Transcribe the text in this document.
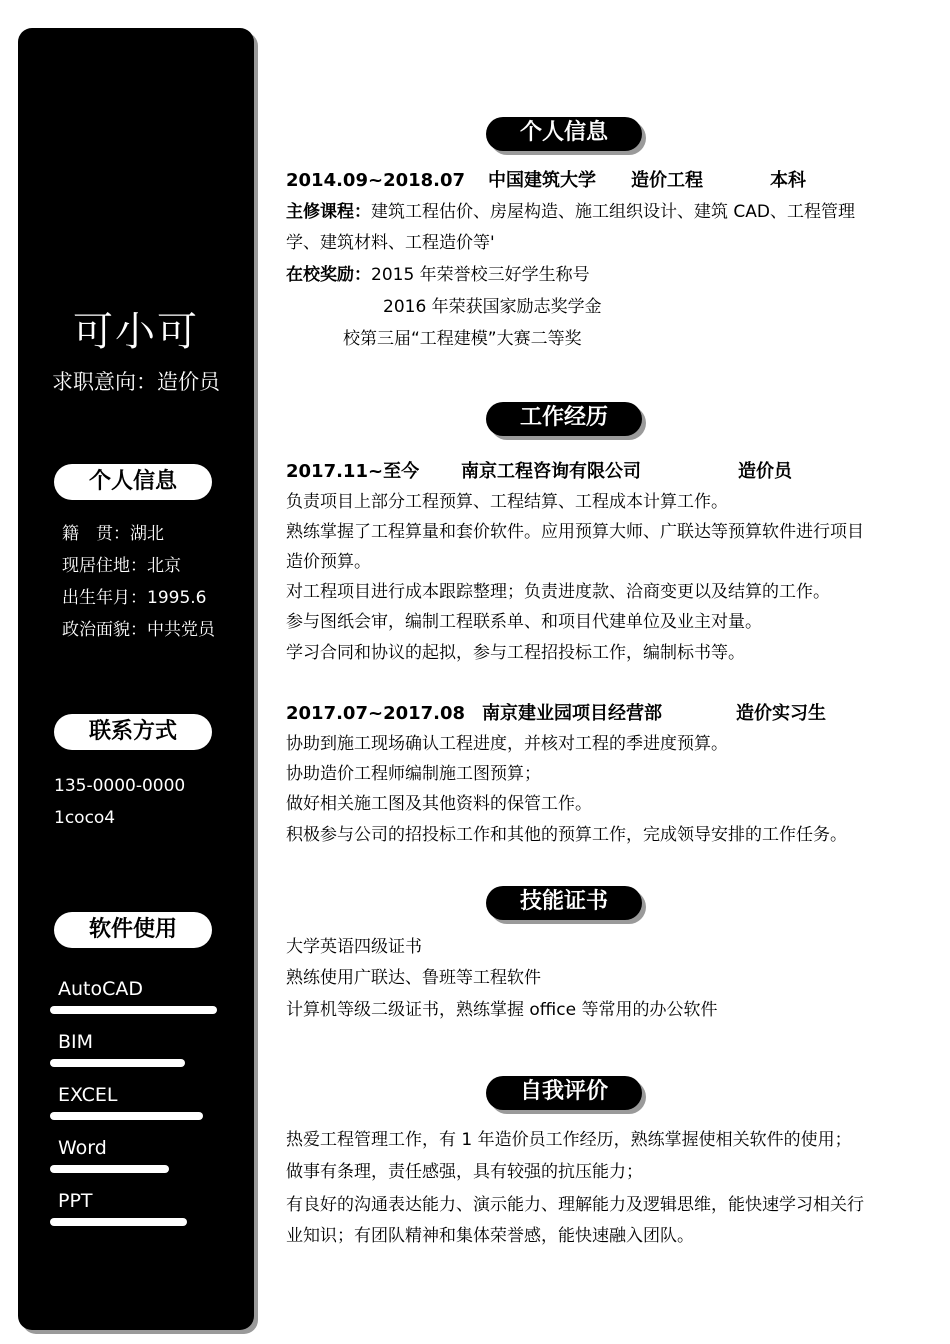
可小可
求职意向：造价员
个人信息
籍　贯：湖北
现居住地：北京
出生年月：1995.6
政治面貌：中共党员
联系方式
135-0000-0000
1coco4
软件使用
AutoCAD
BIM
EXCEL
Word
PPT
个人信息
2014.09~2018.07 中国建筑大学 造价工程	本科
主修课程：建筑工程估价、房屋构造、施工组织设计、建筑 CAD、工程管理
学、建筑材料、工程造价等'
在校奖励：2015 年荣誉校三好学生称号
2016 年荣获国家励志奖学金
校第三届“工程建模”大赛二等奖
工作经历
2017.11~至今 南京工程咨询有限公司	造价员
负责项目上部分工程预算、工程结算、工程成本计算工作。
熟练掌握了工程算量和套价软件。应用预算大师、广联达等预算软件进行项目
造价预算。
对工程项目进行成本跟踪整理；负责进度款、洽商变更以及结算的工作。
参与图纸会审，编制工程联系单、和项目代建单位及业主对量。
学习合同和协议的起拟，参与工程招投标工作，编制标书等。
2017.07~2017.08 南京建业园项目经营部	造价实习生
协助到施工现场确认工程进度，并核对工程的季进度预算。
协助造价工程师编制施工图预算；
做好相关施工图及其他资料的保管工作。
积极参与公司的招投标工作和其他的预算工作，完成领导安排的工作任务。
技能证书
大学英语四级证书
熟练使用广联达、鲁班等工程软件
计算机等级二级证书，熟练掌握 office 等常用的办公软件
自我评价
热爱工程管理工作，有 1 年造价员工作经历，熟练掌握使相关软件的使用；
做事有条理，责任感强，具有较强的抗压能力；
有良好的沟通表达能力、演示能力、理解能力及逻辑思维，能快速学习相关行
业知识；有团队精神和集体荣誉感，能快速融入团队。
